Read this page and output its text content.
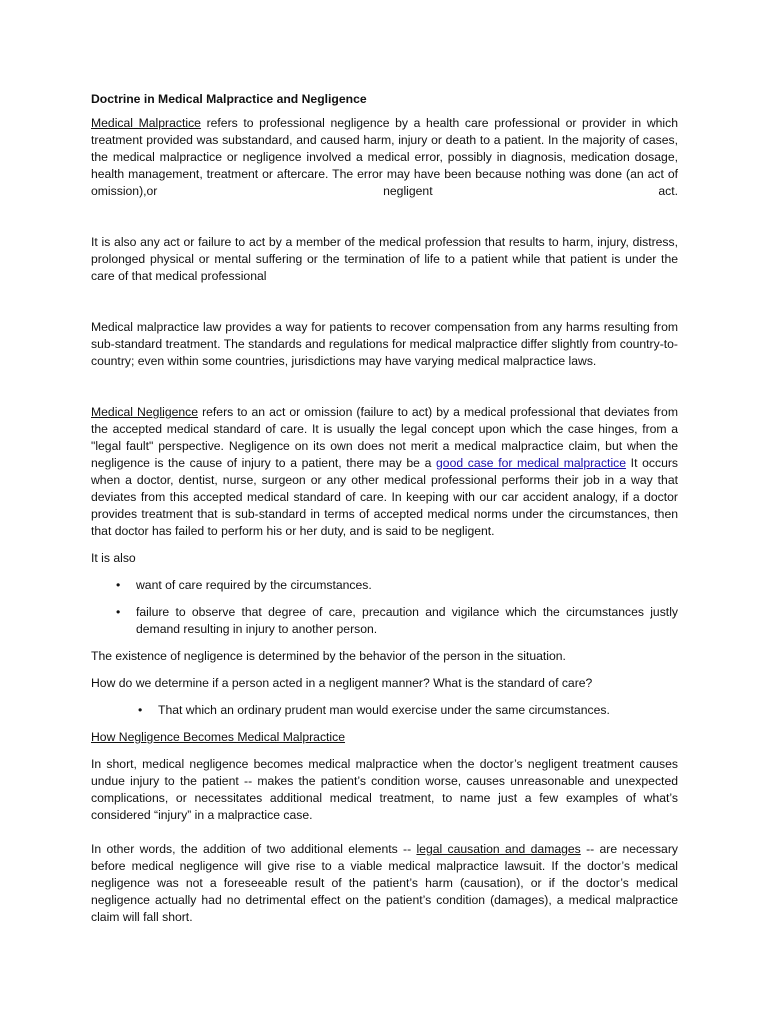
Doctrine in Medical Malpractice and Negligence

Medical Malpractice refers to professional negligence by a health care professional or provider in which treatment provided was substandard, and caused harm, injury or death to a patient. In the majority of cases, the medical malpractice or negligence involved a medical error, possibly in diagnosis, medication dosage, health management, treatment or aftercare. The error may have been because nothing was done (an act of omission),or negligent act.

It is also any act or failure to act by a member of the medical profession that results to harm, injury, distress, prolonged physical or mental suffering or the termination of life to a patient while that patient is under the care of that medical professional

Medical malpractice law provides a way for patients to recover compensation from any harms resulting from sub-standard treatment. The standards and regulations for medical malpractice differ slightly from country-to-country; even within some countries, jurisdictions may have varying medical malpractice laws.

Medical Negligence refers to an act or omission (failure to act) by a medical professional that deviates from the accepted medical standard of care. It is usually the legal concept upon which the case hinges, from a "legal fault" perspective. Negligence on its own does not merit a medical malpractice claim, but when the negligence is the cause of injury to a patient, there may be a good case for medical malpractice It occurs when a doctor, dentist, nurse, surgeon or any other medical professional performs their job in a way that deviates from this accepted medical standard of care. In keeping with our car accident analogy, if a doctor provides treatment that is sub-standard in terms of accepted medical norms under the circumstances, then that doctor has failed to perform his or her duty, and is said to be negligent.

It is also

• want of care required by the circumstances.
• failure to observe that degree of care, precaution and vigilance which the circumstances justly demand resulting in injury to another person.

The existence of negligence is determined by the behavior of the person in the situation.

How do we determine if a person acted in a negligent manner? What is the standard of care?

• That which an ordinary prudent man would exercise under the same circumstances.

How Negligence Becomes Medical Malpractice

In short, medical negligence becomes medical malpractice when the doctor’s negligent treatment causes undue injury to the patient -- makes the patient’s condition worse, causes unreasonable and unexpected complications, or necessitates additional medical treatment, to name just a few examples of what’s considered “injury” in a malpractice case.

In other words, the addition of two additional elements -- legal causation and damages -- are necessary before medical negligence will give rise to a viable medical malpractice lawsuit. If the doctor’s medical negligence was not a foreseeable result of the patient’s harm (causation), or if the doctor’s medical negligence actually had no detrimental effect on the patient’s condition (damages), a medical malpractice claim will fall short.
